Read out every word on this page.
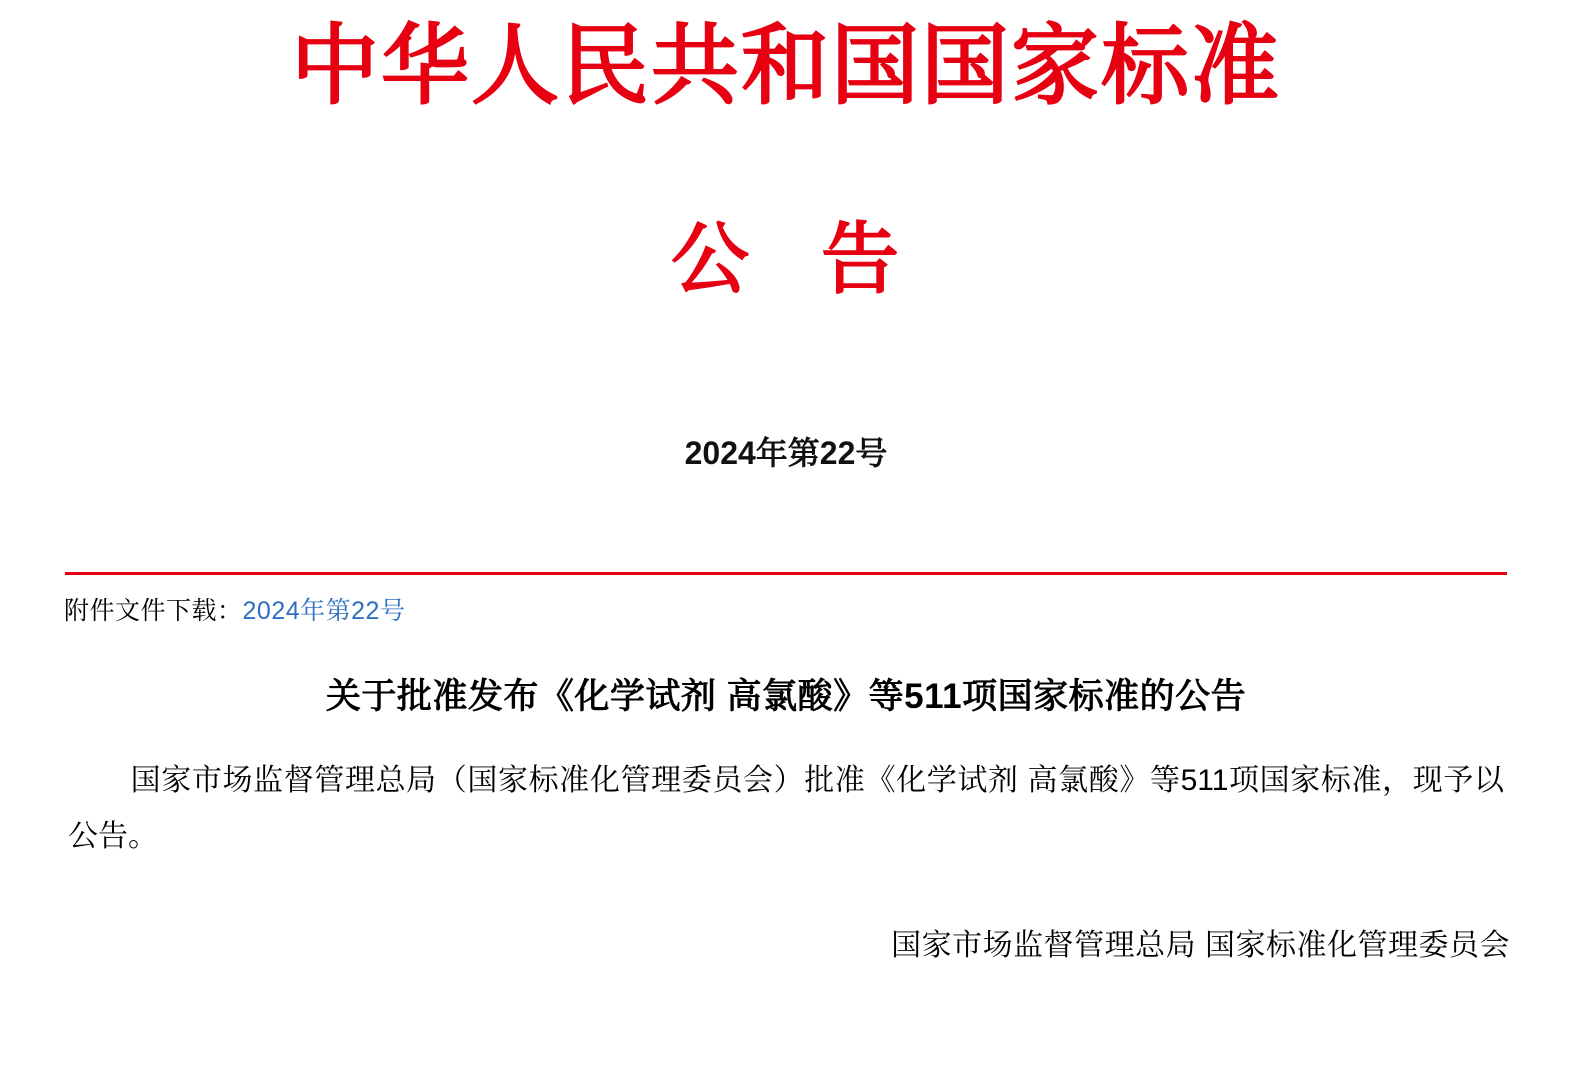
中华人民共和国国家标准
公 告
2024年第22号
附件文件下载：2024年第22号
关于批准发布《化学试剂 高氯酸》等511项国家标准的公告
国家市场监督管理总局（国家标准化管理委员会）批准《化学试剂 高氯酸》等511项国家标准，现予以公告。
国家市场监督管理总局 国家标准化管理委员会
